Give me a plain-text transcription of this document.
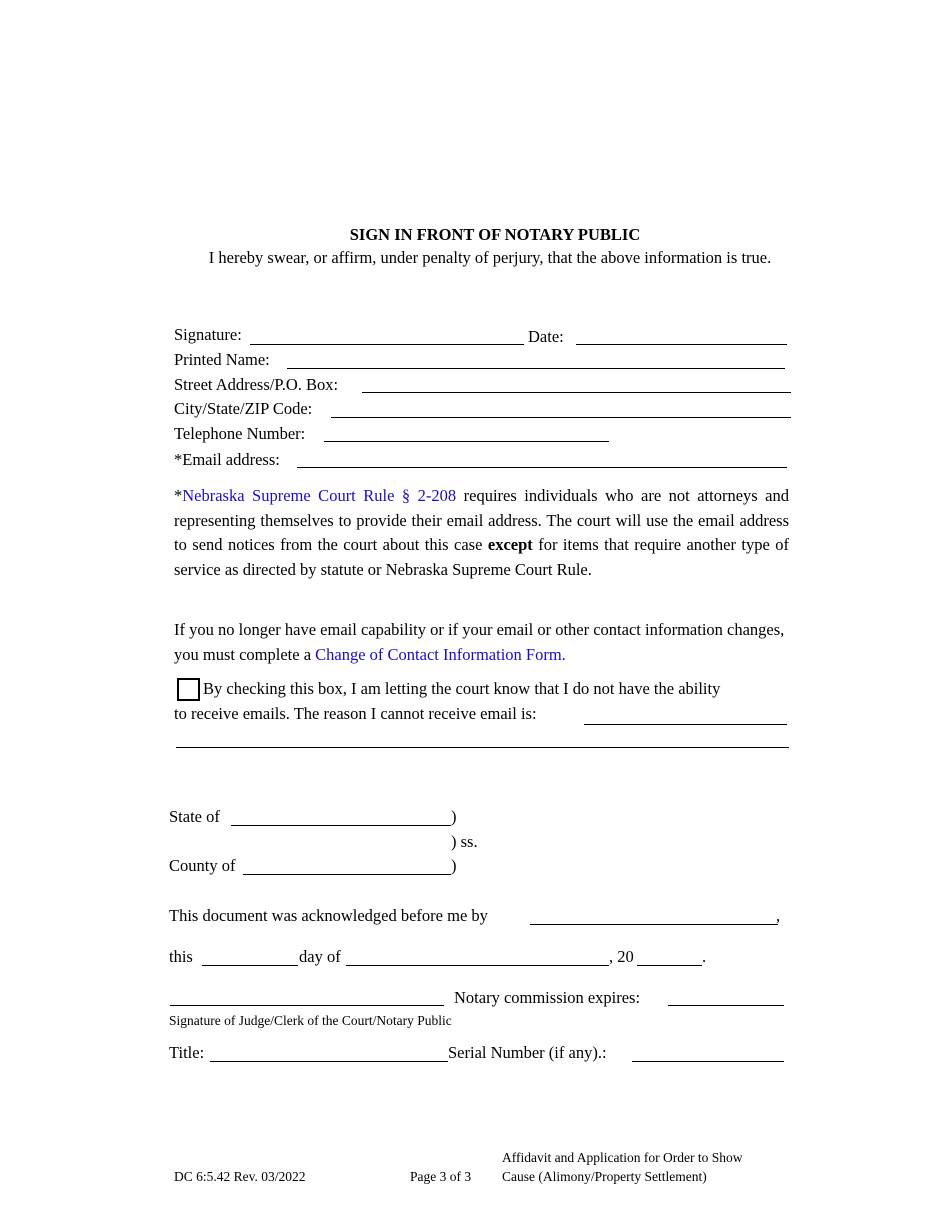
SIGN IN FRONT OF NOTARY PUBLIC
I hereby swear, or affirm, under penalty of perjury, that the above information is true.
Signature:	Date:
Printed Name:
Street Address/P.O. Box:
City/State/ZIP Code:
Telephone Number:
*Email address:
*Nebraska Supreme Court Rule § 2-208 requires individuals who are not attorneys and representing themselves to provide their email address. The court will use the email address to send notices from the court about this case except for items that require another type of service as directed by statute or Nebraska Supreme Court Rule.
If you no longer have email capability or if your email or other contact information changes, you must complete a Change of Contact Information Form.
By checking this box, I am letting the court know that I do not have the ability
to receive emails. The reason I cannot receive email is:
State of	)
) ss.
County of	)
This document was acknowledged before me by	,
this	day of	, 20	.
Notary commission expires:
Signature of Judge/Clerk of the Court/Notary Public
Title:	Serial Number (if any).:
DC 6:5.42 Rev. 03/2022	Page 3 of 3
Affidavit and Application for Order to Show
Cause (Alimony/Property Settlement)
